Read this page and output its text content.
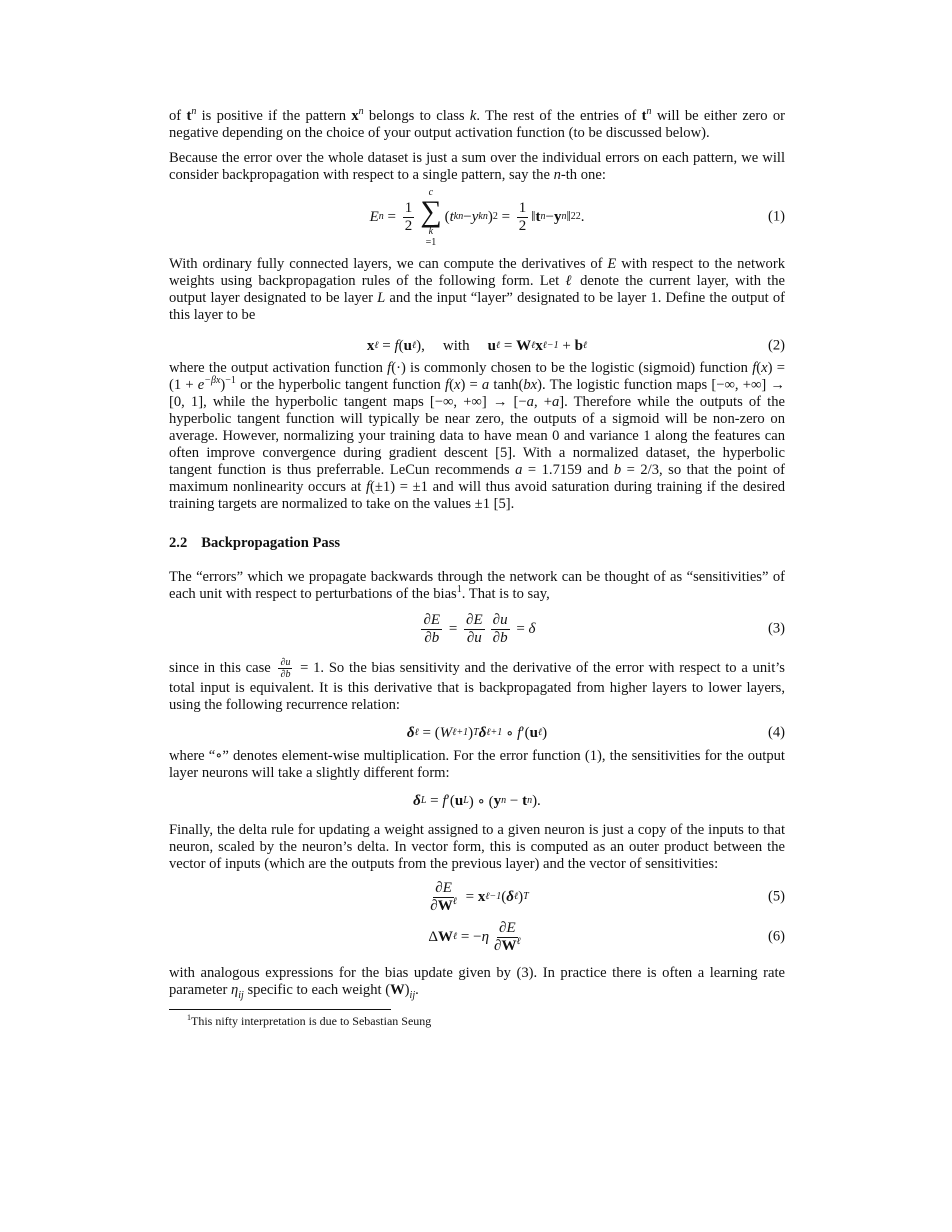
of $t^n$ is positive if the pattern $x^n$ belongs to class k. The rest of the entries of $t^n$ will be either zero or negative depending on the choice of your output activation function (to be discussed below).

Because the error over the whole dataset is just a sum over the individual errors on each pattern, we will consider backpropagation with respect to a single pattern, say the n-th one:

E $n = \frac{1}{2}$
c
∑
k
=1
( t k n − y k n ) $2 = \frac{1}{2}$ ‖ t n − y n ‖ 2 2 .	(1)

With ordinary fully connected layers, we can compute the derivatives of E with respect to the network weights using backpropagation rules of the following form. Let ℓ denote the current layer, with the output layer designated to be layer L and the input “layer” designated to be layer 1. Define the output of this layer to be

x ℓ = f ( u ℓ ), with u ℓ = W ℓ x ℓ−1 + b ℓ	(2)

where the output activation function f(·) is commonly chosen to be the logistic (sigmoid) function $f(x) = (1 + e^{-\beta x})^{-1}$ or the hyperbolic tangent function f(x) = a tanh(bx). The logistic function maps [−∞, +∞] → [0, 1], while the hyperbolic tangent maps [−∞, +∞] → [−a, +a]. Therefore while the outputs of the hyperbolic tangent function will typically be near zero, the outputs of a sigmoid will be non-zero on average. However, normalizing your training data to have mean 0 and variance 1 along the features can often improve convergence during gradient descent [5]. With a normalized dataset, the hyperbolic tangent function is thus preferrable. LeCun recommends a = 1.7159 and b = 2/3, so that the point of maximum nonlinearity occurs at f(±1) = ±1 and will thus avoid saturation during training if the desired training targets are normalized to take on the values ±1 [5].

2.2 Backpropagation Pass

The “errors” which we propagate backwards through the network can be thought of as “sensitivities” of each unit with respect to perturbations of the bias$^1$. That is to say,

$\frac{\partial E}{\partial b} = \frac{\partial E}{\partial u} \frac{\partial u}{\partial b} = \delta$	(3)

since in this case $\frac{\partial u}{\partial b} = 1$. So the bias sensitivity and the derivative of the error with respect to a unit’s total input is equivalent. It is this derivative that is backpropagated from higher layers to lower layers, using the following recurrence relation:

δ ℓ = ( W ℓ+1 ) T δ ℓ+1 ∘ f ′( u ℓ )	(4)

where “∘” denotes element-wise multiplication. For the error function (1), the sensitivities for the output layer neurons will take a slightly different form:

δ L = f ′( u L ) ∘ ( y n − t n ).

Finally, the delta rule for updating a weight assigned to a given neuron is just a copy of the inputs to that neuron, scaled by the neuron’s delta. In vector form, this is computed as an outer product between the vector of inputs (which are the outputs from the previous layer) and the vector of sensitivities:

$\frac{\partial E}{\partial W^\ell} = x$ ℓ−1 ( δ ℓ ) T	(5)
Δ W ℓ = − η $\frac{\partial E}{\partial W^\ell}$	(6)

with analogous expressions for the bias update given by (3). In practice there is often a learning rate parameter $\eta_{ij}$ specific to each weight $(W)_{ij}$.

$^1$This nifty interpretation is due to Sebastian Seung
